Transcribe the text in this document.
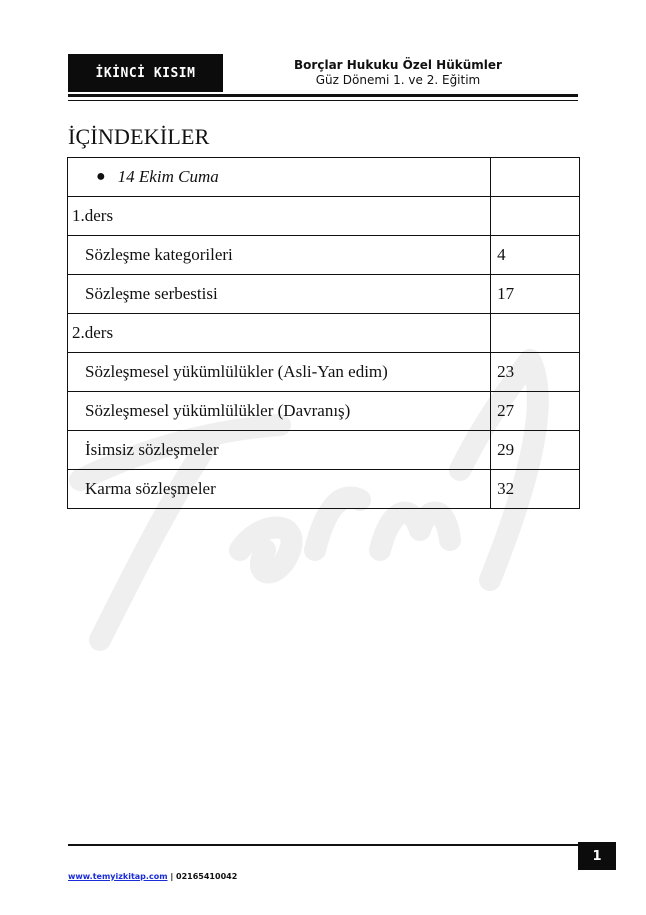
İKİNCİ KISIM
Borçlar Hukuku Özel Hükümler
Güz Dönemi 1. ve 2. Eğitim
İÇİNDEKİLER
● 14 Ekim Cuma	

1.ders	
Sözleşme kategorileri	4
Sözleşme serbestisi	17
2.ders	
Sözleşmesel yükümlülükler (Asli-Yan edim)	23
Sözleşmesel yükümlülükler (Davranış)	27
İsimsiz sözleşmeler	29
Karma sözleşmeler	32
1
www.temyizkitap.com | 02165410042
